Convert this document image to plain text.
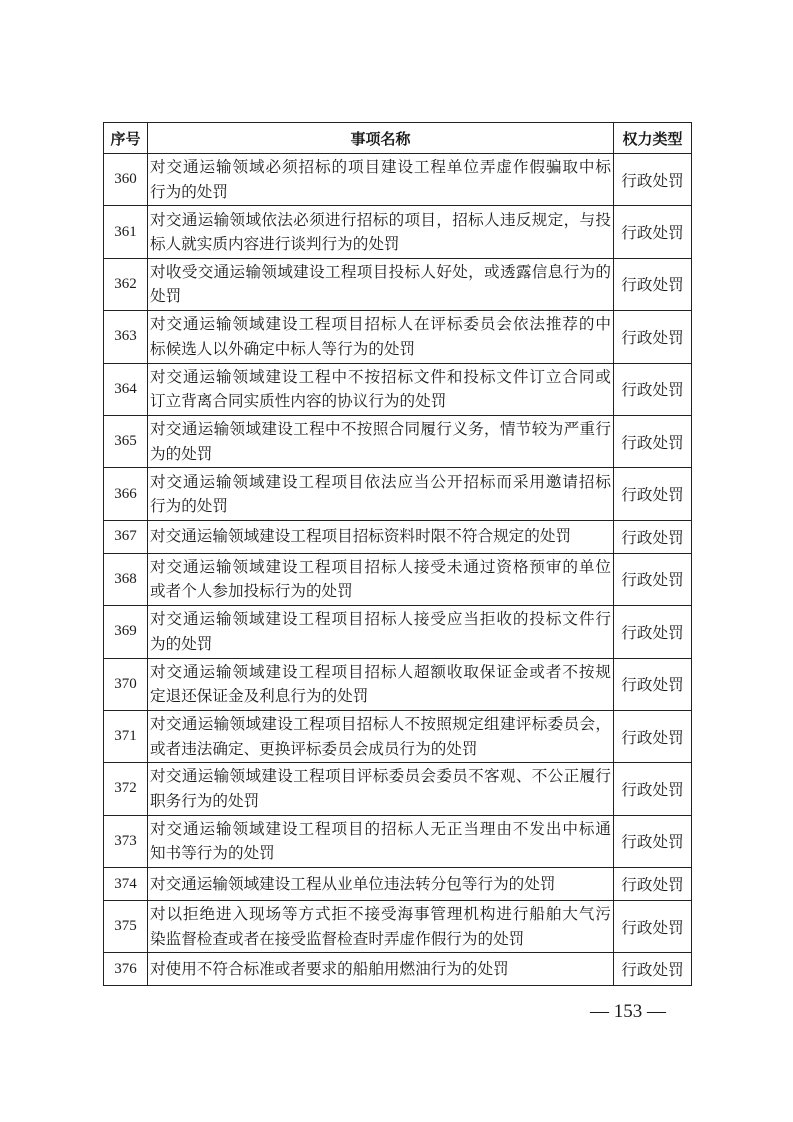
序号	事项名称	权力类型
360	对交通运输领域必须招标的项目建设工程单位弄虚作假骗取中标
行为的处罚	行政处罚
361	对交通运输领域依法必须进行招标的项目，招标人违反规定，与投
标人就实质内容进行谈判行为的处罚	行政处罚
362	对收受交通运输领域建设工程项目投标人好处，或透露信息行为的
处罚	行政处罚
363	对交通运输领域建设工程项目招标人在评标委员会依法推荐的中
标候选人以外确定中标人等行为的处罚	行政处罚
364	对交通运输领域建设工程中不按招标文件和投标文件订立合同或
订立背离合同实质性内容的协议行为的处罚	行政处罚
365	对交通运输领域建设工程中不按照合同履行义务，情节较为严重行
为的处罚	行政处罚
366	对交通运输领域建设工程项目依法应当公开招标而采用邀请招标
行为的处罚	行政处罚
367	对交通运输领域建设工程项目招标资料时限不符合规定的处罚	行政处罚
368	对交通运输领域建设工程项目招标人接受未通过资格预审的单位
或者个人参加投标行为的处罚	行政处罚
369	对交通运输领域建设工程项目招标人接受应当拒收的投标文件行
为的处罚	行政处罚
370	对交通运输领域建设工程项目招标人超额收取保证金或者不按规
定退还保证金及利息行为的处罚	行政处罚
371	对交通运输领域建设工程项目招标人不按照规定组建评标委员会，
或者违法确定、更换评标委员会成员行为的处罚	行政处罚
372	对交通运输领域建设工程项目评标委员会委员不客观、不公正履行
职务行为的处罚	行政处罚
373	对交通运输领域建设工程项目的招标人无正当理由不发出中标通
知书等行为的处罚	行政处罚
374	对交通运输领域建设工程从业单位违法转分包等行为的处罚	行政处罚
375	对以拒绝进入现场等方式拒不接受海事管理机构进行船舶大气污
染监督检查或者在接受监督检查时弄虚作假行为的处罚	行政处罚
376	对使用不符合标准或者要求的船舶用燃油行为的处罚	行政处罚
— 153 —
